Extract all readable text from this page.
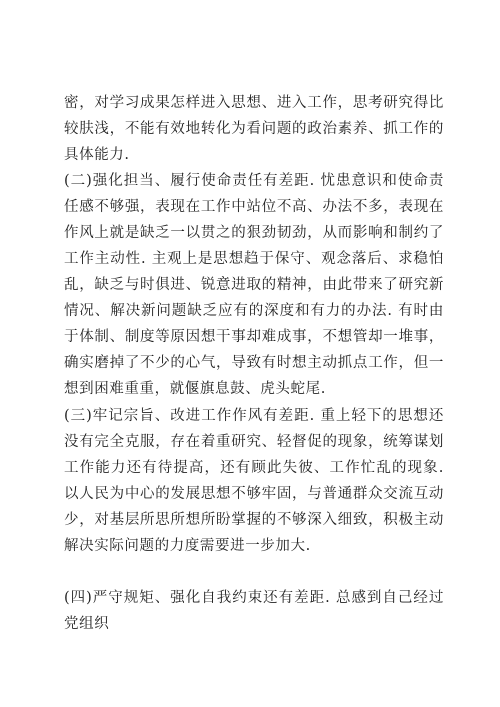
密，对学习成果怎样进入思想、进入工作，思考研究得比较肤浅，不能有效地转化为看问题的政治素养、抓工作的具体能力.

(二)强化担当、履行使命责任有差距. 忧患意识和使命责任感不够强，表现在工作中站位不高、办法不多，表现在作风上就是缺乏一以贯之的狠劲韧劲，从而影响和制约了工作主动性. 主观上是思想趋于保守、观念落后、求稳怕乱，缺乏与时俱进、锐意进取的精神，由此带来了研究新情况、解决新问题缺乏应有的深度和有力的办法. 有时由于体制、制度等原因想干事却难成事，不想管却一堆事，确实磨掉了不少的心气，导致有时想主动抓点工作，但一想到困难重重，就偃旗息鼓、虎头蛇尾.

(三)牢记宗旨、改进工作作风有差距. 重上轻下的思想还没有完全克服，存在着重研究、轻督促的现象，统筹谋划工作能力还有待提高，还有顾此失彼、工作忙乱的现象. 以人民为中心的发展思想不够牢固，与普通群众交流互动少，对基层所思所想所盼掌握的不够深入细致，积极主动解决实际问题的力度需要进一步加大.

(四)严守规矩、强化自我约束还有差距. 总感到自己经过党组织
